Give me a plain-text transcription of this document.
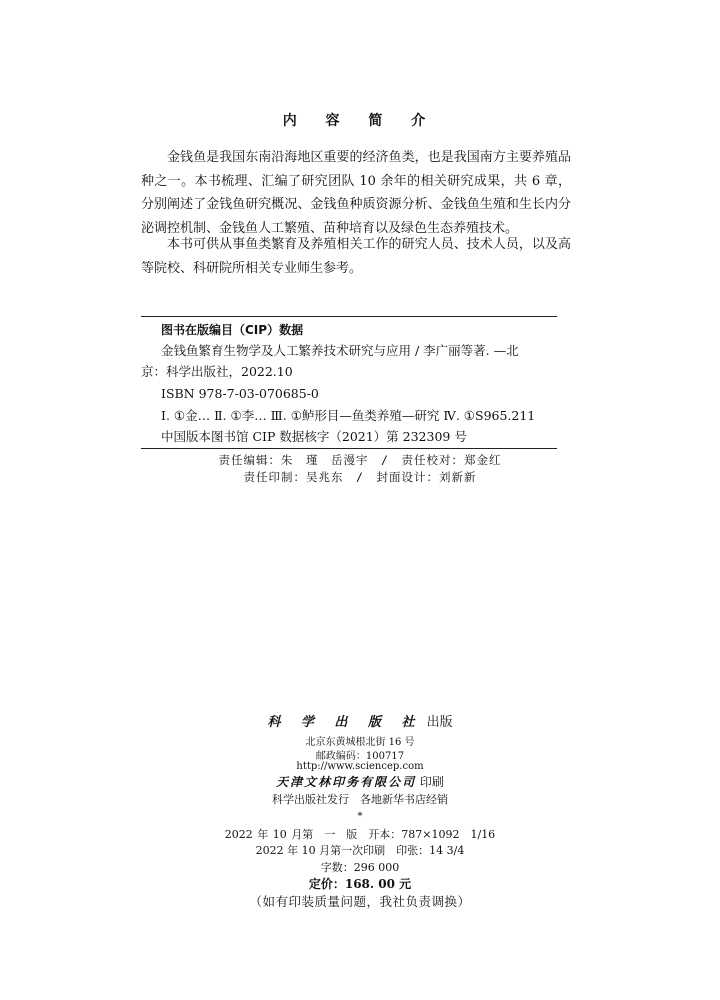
内 容 简 介

金钱鱼是我国东南沿海地区重要的经济鱼类，也是我国南方主要养殖品种之一。本书梳理、汇编了研究团队 10 余年的相关研究成果，共 6 章，分别阐述了金钱鱼研究概况、金钱鱼种质资源分析、金钱鱼生殖和生长内分泌调控机制、金钱鱼人工繁殖、苗种培育以及绿色生态养殖技术。

本书可供从事鱼类繁育及养殖相关工作的研究人员、技术人员，以及高等院校、科研院所相关专业师生参考。

图书在版编目（CIP）数据
金钱鱼繁育生物学及人工繁养技术研究与应用 / 李广丽等著. —北
京：科学出版社，2022.10
ISBN 978-7-03-070685-0
Ⅰ. ①金… Ⅱ. ①李… Ⅲ. ①鲈形目—鱼类养殖—研究 Ⅳ. ①S965.211
中国版本图书馆 CIP 数据核字（2021）第 232309 号
责任编辑：朱　瑾　岳漫宇　/　责任校对：郑金红
责任印制：吴兆东　/　封面设计：刘新新
科 学 出 版 社 出版
北京东黄城根北街 16 号
邮政编码：100717
http://www.sciencep.com
天津文林印务有限公司 印刷
科学出版社发行　各地新华书店经销
*
2022 年 10 月第　一　版　开本：787×1092　1/16
2022 年 10 月第一次印刷　印张：14 3/4
字数：296 000
定价：168. 00 元
（如有印装质量问题，我社负责调换）
